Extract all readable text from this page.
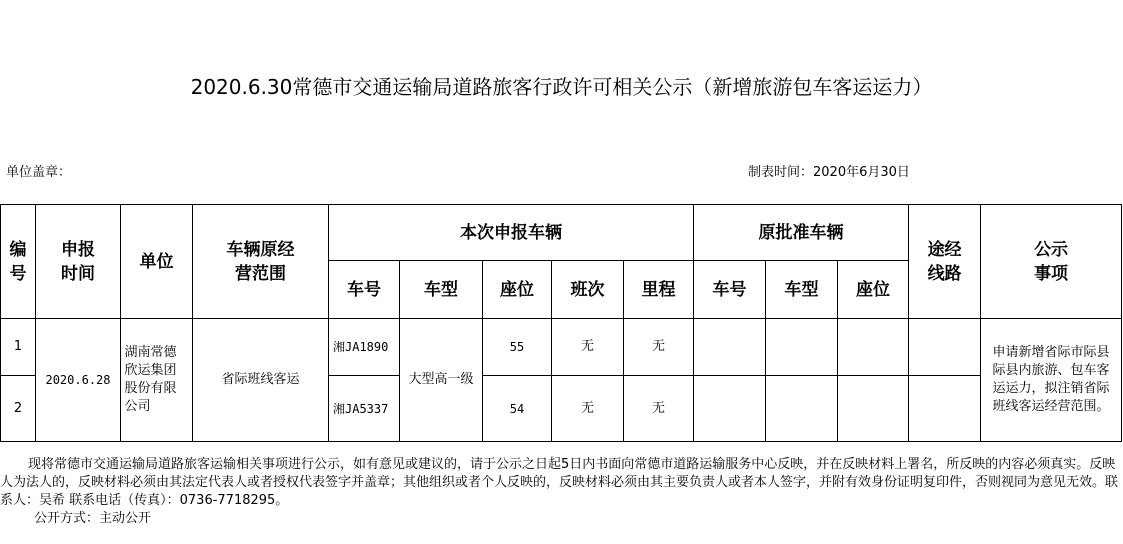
2020.6.30常德市交通运输局道路旅客行政许可相关公示（新增旅游包车客运运力）
单位盖章：	制表时间：2020年6月30日
编号	申报时间	单位	车辆原经营范围	本次申报车辆					原批准车辆			途经线路	公示事项

				车号	车型	座位	班次	里程	车号	车型	座位		
1	2020.6.28	湖南常德欣运集团股份有限公司	省际班线客运	湘JA1890	大型高一级	55	无	无					申请新增省际市际县际县内旅游、包车客运运力，拟注销省际班线客运经营范围。

2				湘JA5337		54	无	无					

现将常德市交通运输局道路旅客运输相关事项进行公示，如有意见或建议的，请于公示之日起5日内书面向常德市道路运输服务中心反映，并在反映材料上署名，所反映的内容必须真实。反映人为法人的，反映材料必须由其法定代表人或者授权代表签字并盖章；其他组织或者个人反映的，反映材料必须由其主要负责人或者本人签字，并附有效身份证明复印件，否则视同为意见无效。联系人：吴希 联系电话（传真）：0736-7718295。

公开方式：主动公开
